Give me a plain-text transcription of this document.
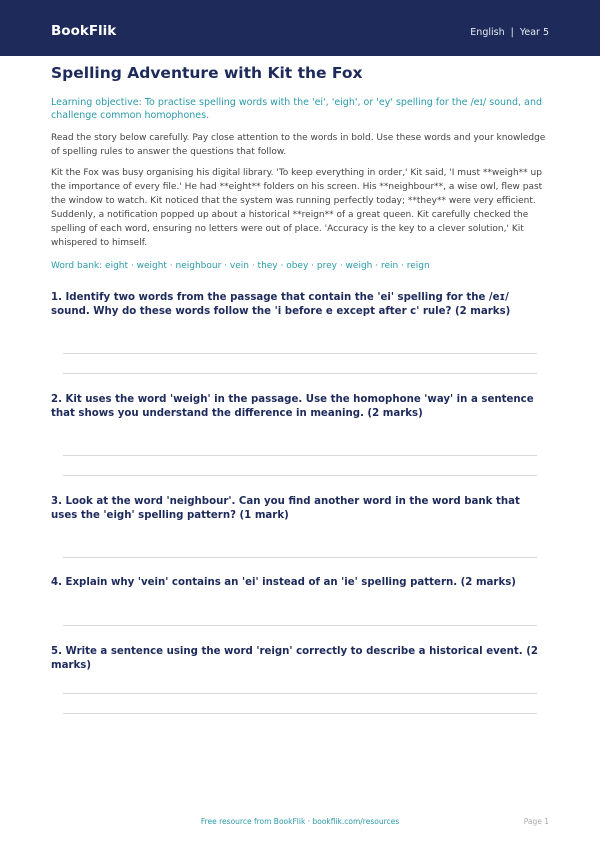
BookFlik	English | Year 5
Spelling Adventure with Kit the Fox
Learning objective: To practise spelling words with the 'ei', 'eigh', or 'ey' spelling for the /eɪ/ sound, and challenge common homophones.
Read the story below carefully. Pay close attention to the words in bold. Use these words and your knowledge of spelling rules to answer the questions that follow.
Kit the Fox was busy organising his digital library. 'To keep everything in order,' Kit said, 'I must **weigh** up the importance of every file.' He had **eight** folders on his screen. His **neighbour**, a wise owl, flew past the window to watch. Kit noticed that the system was running perfectly today; **they** were very efficient. Suddenly, a notification popped up about a historical **reign** of a great queen. Kit carefully checked the spelling of each word, ensuring no letters were out of place. 'Accuracy is the key to a clever solution,' Kit whispered to himself.
Word bank: eight · weight · neighbour · vein · they · obey · prey · weigh · rein · reign
1. Identify two words from the passage that contain the 'ei' spelling for the /eɪ/ sound. Why do these words follow the 'i before e except after c' rule? (2 marks)
2. Kit uses the word 'weigh' in the passage. Use the homophone 'way' in a sentence that shows you understand the difference in meaning. (2 marks)
3. Look at the word 'neighbour'. Can you find another word in the word bank that uses the 'eigh' spelling pattern? (1 mark)
4. Explain why 'vein' contains an 'ei' instead of an 'ie' spelling pattern. (2 marks)
5. Write a sentence using the word 'reign' correctly to describe a historical event. (2 marks)
Free resource from BookFlik · bookflik.com/resources	Page 1
